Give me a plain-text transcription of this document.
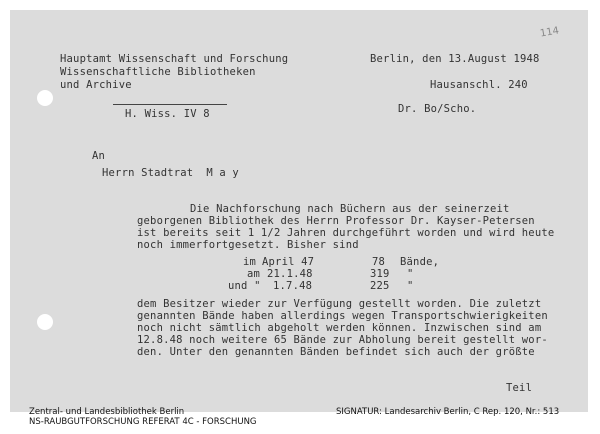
114
Hauptamt Wissenschaft und Forschung
Wissenschaftliche Bibliotheken
und Archive
H. Wiss. IV 8
Berlin, den 13.August 1948
Hausanschl. 240
Dr. Bo/Scho.
An
Herrn Stadtrat  M a y
Die Nachforschung nach Büchern aus der seinerzeit
geborgenen Bibliothek des Herrn Professor Dr. Kayser-Petersen
ist bereits seit 1 1/2 Jahren durchgeführt worden und wird heute
noch immerfortgesetzt. Bisher sind
im April 47	78 Bände,
am 21.1.48	319 "
und " 1.7.48	225 "
dem Besitzer wieder zur Verfügung gestellt worden. Die zuletzt
genannten Bände haben allerdings wegen Transportschwierigkeiten
noch nicht sämtlich abgeholt werden können. Inzwischen sind am
12.8.48 noch weitere 65 Bände zur Abholung bereit gestellt wor-
den. Unter den genannten Bänden befindet sich auch der größte
Teil
Zentral- und Landesbibliothek Berlin
NS-RAUBGUTFORSCHUNG REFERAT 4C - FORSCHUNG
SIGNATUR: Landesarchiv Berlin, C Rep. 120, Nr.: 513
